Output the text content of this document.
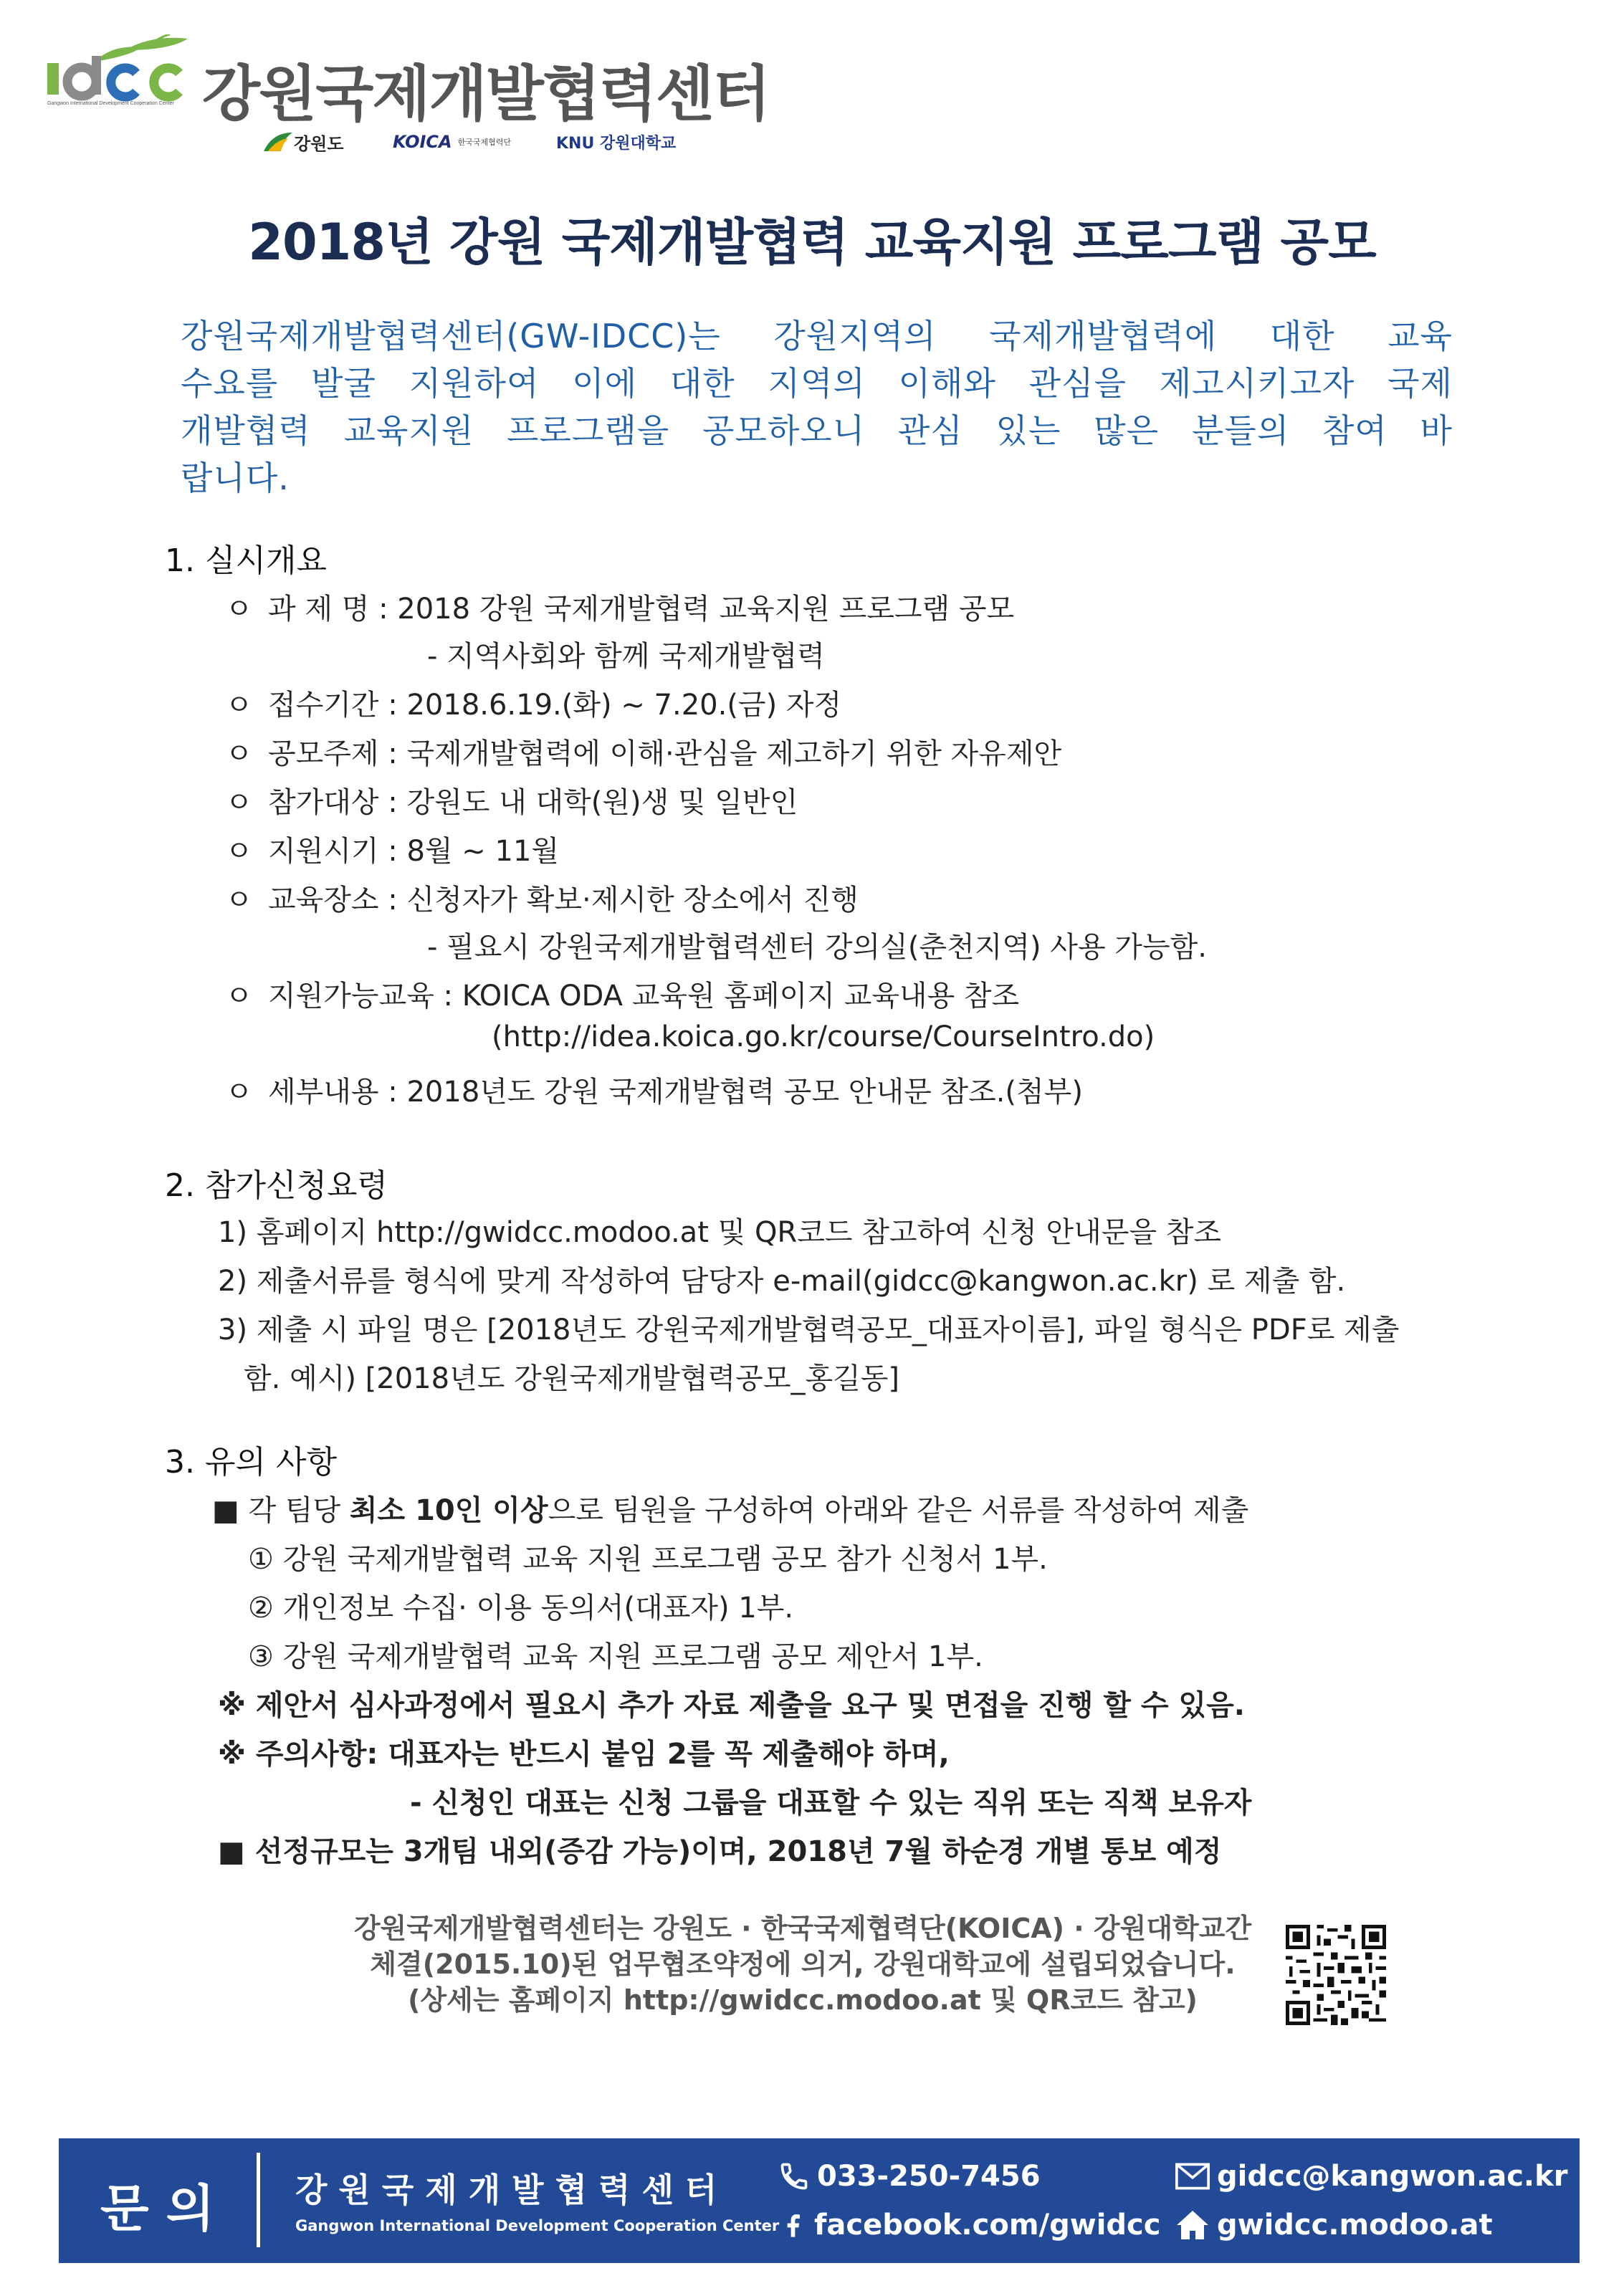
Gangwon International Development Cooperation Center 강원국제개발협력센터
강원도	KOICA 한국국제협력단	KNU 강원대학교
2018년 강원 국제개발협력 교육지원 프로그램 공모
강원국제개발협력센터(GW-IDCC)는 강원지역의 국제개발협력에 대한 교육
수요를 발굴 지원하여 이에 대한 지역의 이해와 관심을 제고시키고자 국제
개발협력 교육지원 프로그램을 공모하오니 관심 있는 많은 분들의 참여 바
랍니다.
1. 실시개요
ㅇ 과 제 명 : 2018 강원 국제개발협력 교육지원 프로그램 공모
- 지역사회와 함께 국제개발협력
ㅇ 접수기간 : 2018.6.19.(화) ~ 7.20.(금) 자정
ㅇ 공모주제 : 국제개발협력에 이해·관심을 제고하기 위한 자유제안
ㅇ 참가대상 : 강원도 내 대학(원)생 및 일반인
ㅇ 지원시기 : 8월 ~ 11월
ㅇ 교육장소 : 신청자가 확보·제시한 장소에서 진행
- 필요시 강원국제개발협력센터 강의실(춘천지역) 사용 가능함.
ㅇ 지원가능교육 : KOICA ODA 교육원 홈페이지 교육내용 참조
(http://idea.koica.go.kr/course/CourseIntro.do)
ㅇ 세부내용 : 2018년도 강원 국제개발협력 공모 안내문 참조.(첨부)
2. 참가신청요령
1) 홈페이지 http://gwidcc.modoo.at 및 QR코드 참고하여 신청 안내문을 참조
2) 제출서류를 형식에 맞게 작성하여 담당자 e-mail(gidcc@kangwon.ac.kr) 로 제출 함.
3) 제출 시 파일 명은 [2018년도 강원국제개발협력공모_대표자이름], 파일 형식은 PDF로 제출
함. 예시) [2018년도 강원국제개발협력공모_홍길동]
3. 유의 사항
■ 각 팀당 최소 10인 이상으로 팀원을 구성하여 아래와 같은 서류를 작성하여 제출
① 강원 국제개발협력 교육 지원 프로그램 공모 참가 신청서 1부.
② 개인정보 수집· 이용 동의서(대표자) 1부.
③ 강원 국제개발협력 교육 지원 프로그램 공모 제안서 1부.
※ 제안서 심사과정에서 필요시 추가 자료 제출을 요구 및 면접을 진행 할 수 있음.
※ 주의사항: 대표자는 반드시 붙임 2를 꼭 제출해야 하며,
- 신청인 대표는 신청 그룹을 대표할 수 있는 직위 또는 직책 보유자
■ 선정규모는 3개팀 내외(증감 가능)이며, 2018년 7월 하순경 개별 통보 예정
강원국제개발협력센터는 강원도 · 한국국제협력단(KOICA) · 강원대학교간
체결(2015.10)된 업무협조약정에 의거, 강원대학교에 설립되었습니다.
(상세는 홈페이지 http://gwidcc.modoo.at 및 QR코드 참고)
문의 강원국제개발협력센터
Gangwon International Development Cooperation Center
033-250-7456
facebook.com/gwidcc
gidcc@kangwon.ac.kr
gwidcc.modoo.at
